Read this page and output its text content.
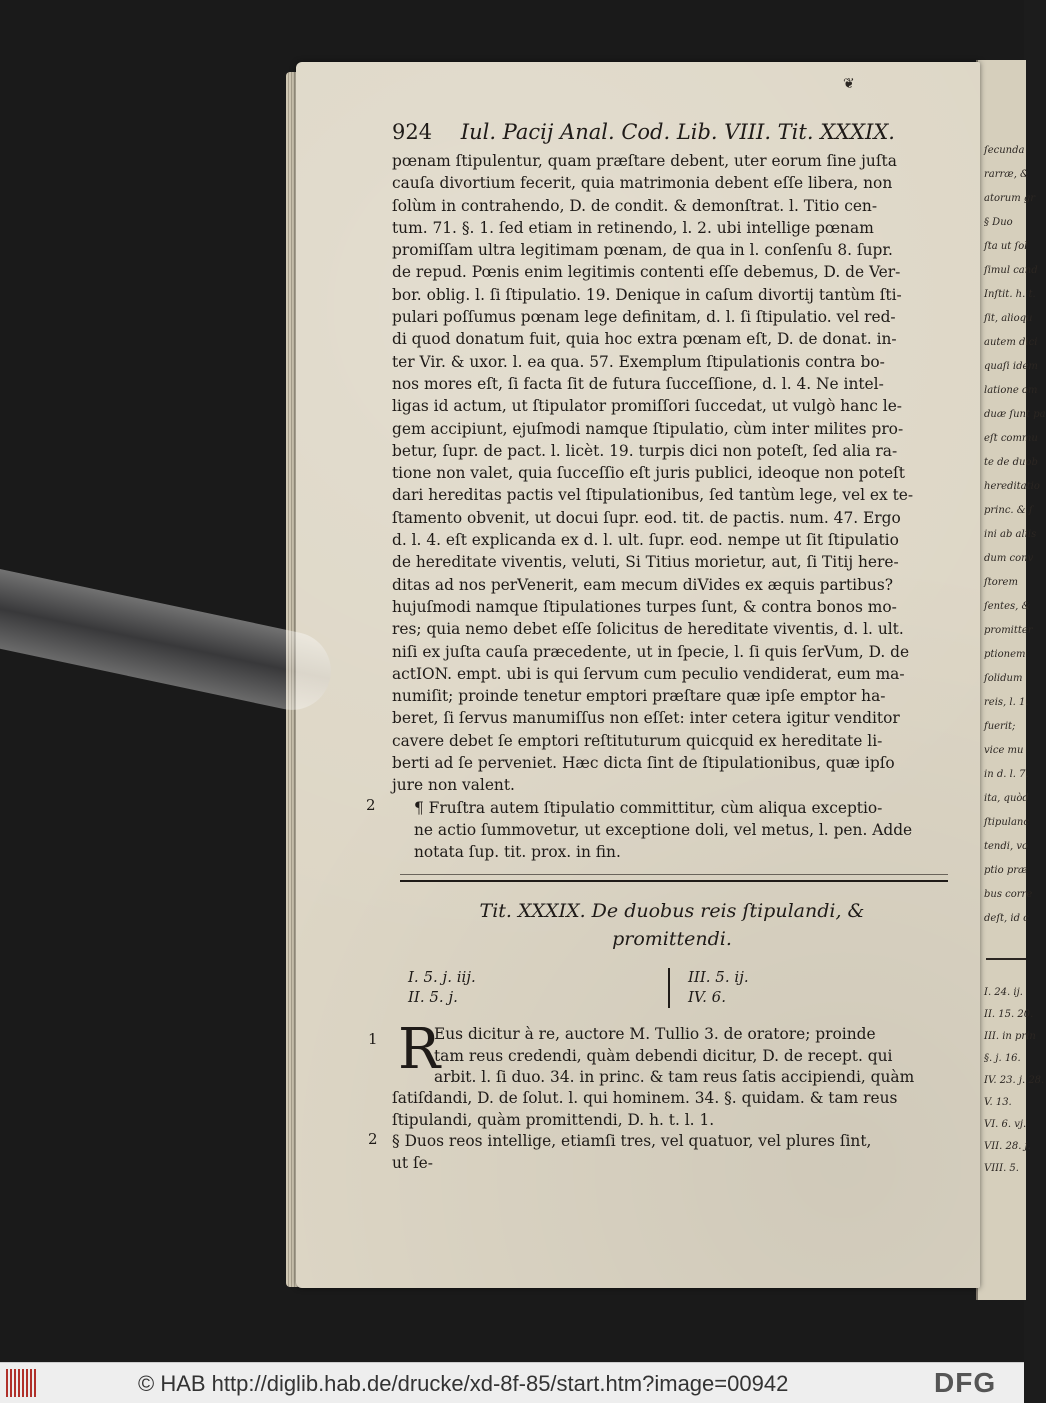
ſecunda
rarræ, &
atorum gr
§ Duo
ſta ut ſol
ſimul cand
Inſtit. h. t.
ſit, alioqu
autem dici
quaſi idem
latione om
duæ ſunt pa
eſt commu
te de duob
hereditatio
princ. & ſ
ini ab aliis
dum conv
ſtorem
ſentes, &
promitter
ptionem
ſolidum
reis, l. 1.
fuerit;
vice mu
in d. l. 7.
ita, quòd
ſtipulanc
tendi, vo
ptio præ
bus corre
deſt, id c
I. 24. ij.
II. 15. 20.
III. in prin
§. j. 16.
IV. 23. j. 28.
V. 13.
VI. 6. vj.
VII. 28. j.
VIII. 5.
❦
924 Iul. Pacij Anal. Cod. Lib. VIII. Tit. XXXIX.
pœnam ſtipulentur, quam præſtare debent, uter eorum ſine juſta
cauſa divortium fecerit, quia matrimonia debent eſſe libera, non
ſolùm in contrahendo, D. de condit. & demonſtrat. l. Titio cen-
tum. 71. §. 1. ſed etiam in retinendo, l. 2. ubi intellige pœnam
promiſſam ultra legitimam pœnam, de qua in l. conſenſu 8. ſupr.
de repud. Pœnis enim legitimis contenti eſſe debemus, D. de Ver-
bor. oblig. l. ſi ſtipulatio. 19. Denique in caſum divortij tantùm ſti-
pulari poſſumus pœnam lege definitam, d. l. ſi ſtipulatio. vel red-
di quod donatum fuit, quia hoc extra pœnam eſt, D. de donat. in-
ter Vir. & uxor. l. ea qua. 57. Exemplum ſtipulationis contra bo-
nos mores eſt, ſi facta ſit de futura ſucceſſione, d. l. 4. Ne intel-
ligas id actum, ut ſtipulator promiſſori ſuccedat, ut vulgò hanc le-
gem accipiunt, ejuſmodi namque ſtipulatio, cùm inter milites pro-
betur, ſupr. de pact. l. licèt. 19. turpis dici non poteſt, ſed alia ra-
tione non valet, quia ſucceſſio eſt juris publici, ideoque non poteſt
dari hereditas pactis vel ſtipulationibus, ſed tantùm lege, vel ex te-
ſtamento obvenit, ut docui ſupr. eod. tit. de pactis. num. 47. Ergo
d. l. 4. eſt explicanda ex d. l. ult. ſupr. eod. nempe ut ſit ſtipulatio
de hereditate viventis, veluti, Si Titius morietur, aut, ſi Titij here-
ditas ad nos perVenerit, eam mecum diVides ex æquis partibus?
hujuſmodi namque ſtipulationes turpes ſunt, & contra bonos mo-
res; quia nemo debet eſſe ſolicitus de hereditate viventis, d. l. ult.
niſi ex juſta cauſa præcedente, ut in ſpecie, l. ſi quis ſerVum, D. de
actION. empt. ubi is qui ſervum cum peculio vendiderat, eum ma-
numiſit; proinde tenetur emptori præſtare quæ ipſe emptor ha-
beret, ſi ſervus manumiſſus non eſſet: inter cetera igitur venditor
cavere debet ſe emptori reſtituturum quicquid ex hereditate li-
berti ad ſe perveniet. Hæc dicta ſint de ſtipulationibus, quæ ipſo
jure non valent.
¶ Fruſtra autem ſtipulatio committitur, cùm aliqua exceptio-
ne actio ſummovetur, ut exceptione doli, vel metus, l. pen. Adde
notata ſup. tit. prox. in fin.
2
Tit. XXXIX. De duobus reis ſtipulandi, &
promittendi.
I. 5. j. iij.
II. 5. j.
III. 5. ij.
IV. 6.
1 R
Eus dicitur à re, auctore M. Tullio 3. de oratore; proinde
tam reus credendi, quàm debendi dicitur, D. de recept. qui
arbit. l. ſi duo. 34. in princ. & tam reus ſatis accipiendi, quàm
ſatiſdandi, D. de ſolut. l. qui hominem. 34. §. quidam. & tam reus
ſtipulandi, quàm promittendi, D. h. t. l. 1.
§ Duos reos intellige, etiamſi tres, vel quatuor, vel plures ſint,
ut ſe-
2
© HAB http://diglib.hab.de/drucke/xd-8f-85/start.htm?image=00942	DFG
